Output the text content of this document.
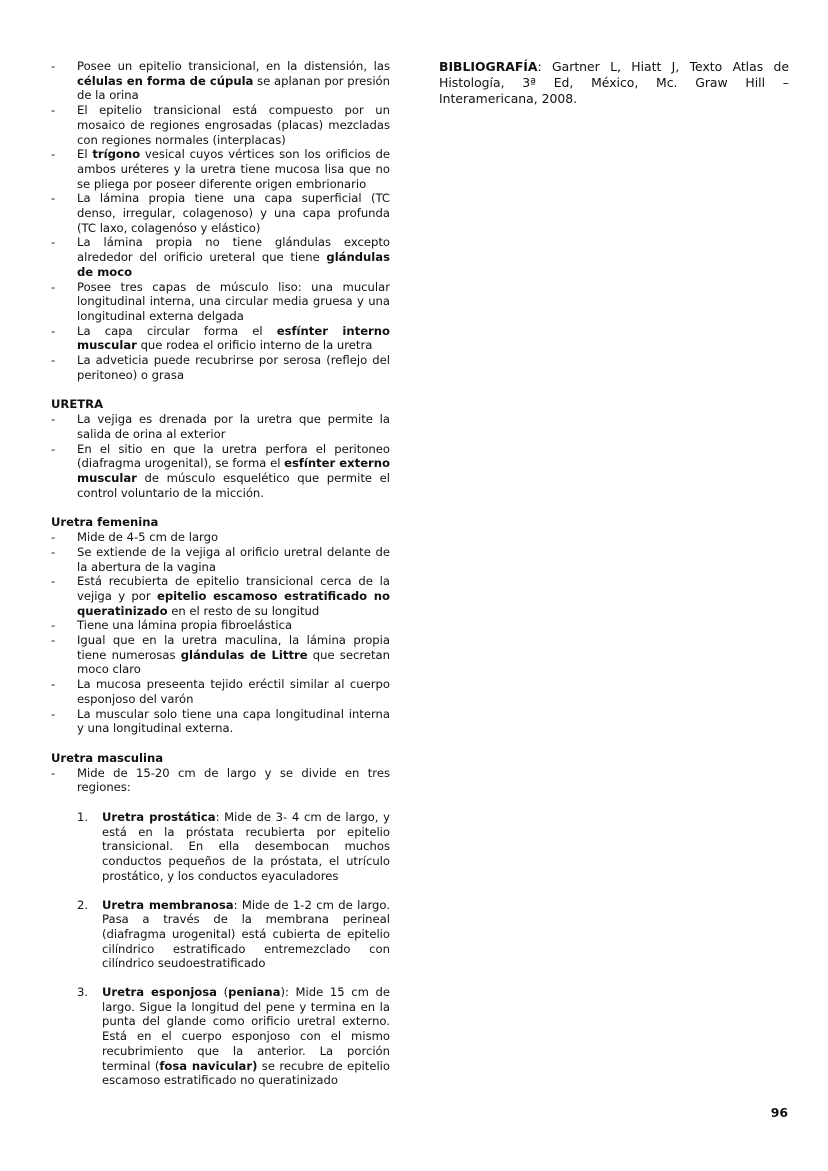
- Posee un epitelio transicional, en la distensión, las células en forma de cúpula se aplanan por presión de la orina
- El epitelio transicional está compuesto por un mosaico de regiones engrosadas (placas) mezcladas con regiones normales (interplacas)
- El trígono vesical cuyos vértices son los orificios de ambos uréteres y la uretra tiene mucosa lisa que no se pliega por poseer diferente origen embrionario
- La lámina propia tiene una capa superficial (TC denso, irregular, colagenoso) y una capa profunda (TC laxo, colagenóso y elástico)
- La lámina propia no tiene glándulas excepto alrededor del orificio ureteral que tiene glándulas de moco
- Posee tres capas de músculo liso: una mucular longitudinal interna, una circular media gruesa y una longitudinal externa delgada
- La capa circular forma el esfínter interno muscular que rodea el orificio interno de la uretra
- La adveticia puede recubrirse por serosa (reflejo del peritoneo) o grasa
URETRA
- La vejiga es drenada por la uretra que permite la salida de orina al exterior
- En el sitio en que la uretra perfora el peritoneo (diafragma urogenital), se forma el esfínter externo muscular de músculo esquelético que permite el control voluntario de la micción.
Uretra femenina
- Mide de 4-5 cm de largo
- Se extiende de la vejiga al orificio uretral delante de la abertura de la vagina
- Está recubierta de epitelio transicional cerca de la vejiga y por epitelio escamoso estratificado no queratinizado en el resto de su longitud
- Tiene una lámina propia fibroelástica
- Igual que en la uretra maculina, la lámina propia tiene numerosas glándulas de Littre que secretan moco claro
- La mucosa preseenta tejido eréctil similar al cuerpo esponjoso del varón
- La muscular solo tiene una capa longitudinal interna y una longitudinal externa.
Uretra masculina
- Mide de 15-20 cm de largo y se divide en tres regiones:
1. Uretra prostática: Mide de 3- 4 cm de largo, y está en la próstata recubierta por epitelio transicional. En ella desembocan muchos conductos pequeños de la próstata, el utrículo prostático, y los conductos eyaculadores
2. Uretra membranosa: Mide de 1-2 cm de largo. Pasa a través de la membrana perineal (diafragma urogenital) está cubierta de epitelio cilíndrico estratificado entremezclado con cilíndrico seudoestratificado
3. Uretra esponjosa (peniana): Mide 15 cm de largo. Sigue la longitud del pene y termina en la punta del glande como orificio uretral externo. Está en el cuerpo esponjoso con el mismo recubrimiento que la anterior. La porción terminal (fosa navicular) se recubre de epitelio escamoso estratificado no queratinizado

BIBLIOGRAFÍA: Gartner L, Hiatt J, Texto Atlas de Histología, 3ª Ed, México, Mc. Graw Hill – Interamericana, 2008.

96
